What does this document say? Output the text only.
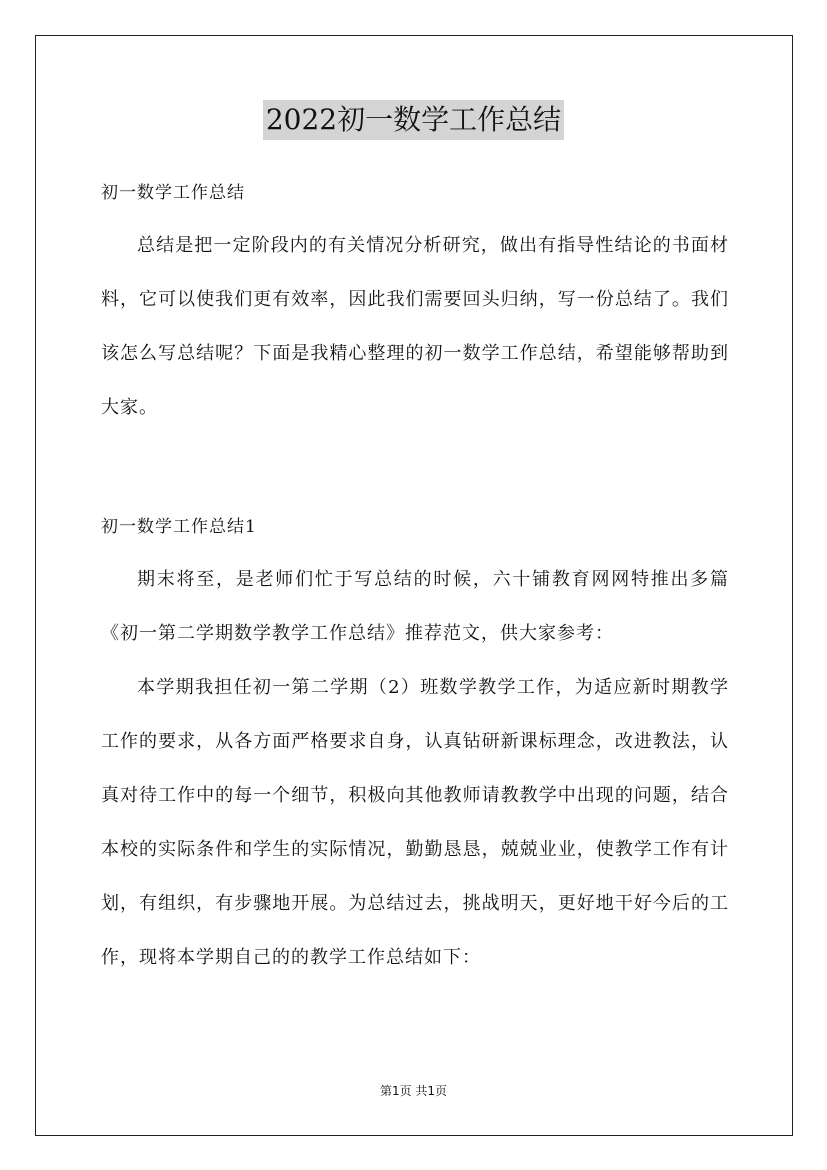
2022初一数学工作总结
初一数学工作总结

总结是把一定阶段内的有关情况分析研究，做出有指导性结论的书面材料，它可以使我们更有效率，因此我们需要回头归纳，写一份总结了。我们该怎么写总结呢？下面是我精心整理的初一数学工作总结，希望能够帮助到大家。

初一数学工作总结1

期末将至，是老师们忙于写总结的时候，六十铺教育网网特推出多篇《初一第二学期数学教学工作总结》推荐范文，供大家参考：

本学期我担任初一第二学期（2）班数学教学工作，为适应新时期教学工作的要求，从各方面严格要求自身，认真钻研新课标理念，改进教法，认真对待工作中的每一个细节，积极向其他教师请教教学中出现的问题，结合本校的实际条件和学生的实际情况，勤勤恳恳，兢兢业业，使教学工作有计划，有组织，有步骤地开展。为总结过去，挑战明天，更好地干好今后的工作，现将本学期自己的的教学工作总结如下：

第1页 共1页
